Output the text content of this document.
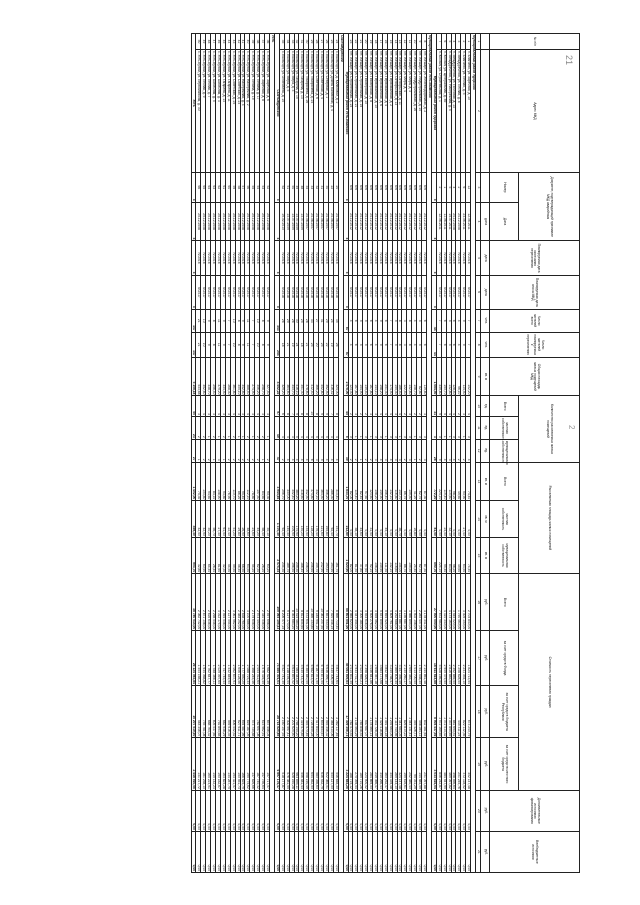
21
2
№ п/п	Адрес МКД	Документ, подтверждающий признание МКД аварийным		Планируемая дата окончания переселения	Планируемая дата сноса МКД	Число жителей всего	Число жителей планируемых к переселению	Общая площадь жилых помещений МКД	Количество расселяемых жилых помещений			Расселяемая площадь жилых помещений			Стоимость переселения граждан				Дополнительные источники финансирования	Внебюджетные источники
		Номер	Дата						Всего	частная собственность	муниципальная собственность	Всего	частная собственность	муниципальная собственность	Всего	за счет средств Фонда	за счет средств бюджета Республики	за счет средств местного бюджета		
			дата	дата	дата	чел.	чел.	кв. м	ед.	ед.	ед.	кв. м	кв. м	кв. м	руб.	руб.	руб.	руб.	руб.	руб.
1	2	3	4	5	6	7	8	9	10	11	12	13	14	15	16	17	18	19	20	21
Муниципальный район Удорский																				
1	п. Благоево, ул. Заречная, д. 10	12	12.06.2011	IV.2016	IV.2017	7	7	102,20	4	0	4	74,40	0,00	74,40	2 703 840,00	1 824 713,54	673 240,79	302 147,48	0,00	0,00
2	п. Благоево, ул. Лесная, д. 5	6	23.06.2011	IV.2016	IV.2017	9	9	114,50	3	1	2	90,90	27,40	63,50	3 305 100,00	2 231 054,10	822 112,36	372 118,52	0,00	0,00
3	п. Междуреченск, ул. Лесная, д. 8	2	24.12.2008	IV.2016	IV.2017	4	4	96,10	2	0	2	49,60	0,00	49,60	1 790 560,00	1 208 628,00	445 311,24	201 245,76	0,00	0,00
4	п. Междуреченск, ул. Почтовая, д. 13	4	24.12.2008	IV.2016	IV.2017	6	6	128,40	4	0	4	98,20	0,00	98,20	3 545 020,00	2 392 889,00	881 693,51	398 466,64	0,00	0,00
5	п. Междуреченск, ул. Набережная, д. 5	5	15.07.2011	IV.2016	IV.2017	5	5	132,80	4	1	3	115,60	32,10	83,50	4 173 160,00	2 816 883,00	1 037 895,69	469 097,82	0,00	0,00
6	п. Кослан, ул. Центральная, д. 89	1	11.06.2011	IV.2016	IV.2017	6	6	150,70	5	1	4	119,40	24,00	95,40	4 310 340,00	2 909 479,50	1 072 014,32	484 547,95	0,00	0,00
7	п. Кослан, ул. Строительная, д. 1	2	12.06.2011	IV.2016	IV.2017	7	7	339,80	9	0	9	224,10	0,00	224,10	7 672 980,00	5 528 166,54	1 972 169,65	806 242,87	0,00	0,00
Муниципальный район Удорский		х	х	х	х	44	44	1 064,50	31	3	28	772,20	81,50	690,70	27 500 000,00	18 611 814,68	6 904 437,56	3 033 816,04	0,00	0,00
Муниципальный район Усть-Вымский																				
8	пгт. Жешарт, ул. Железнодорожная, д. 2	6/н	24.12.2012	IV.2016	IV.2017	6	6	119,80	3	0	3	87,30	0,00	87,30	3 178 341,00	2 144 861,48	832 481,64	201 097,88	0,00	0,00
9	пгт. Жешарт, ул. Индустриальная, д. 10	6/н	24.12.2012	IV.2016	IV.2017	5	5	82,60	2	0	2	62,70	0,00	62,70	2 284 407,00	1 541 538,30	598 284,11	144 584,59	0,00	0,00
10	пгт. Жешарт, ул. Индустриальная, д. 16	6/н	24.12.2012	IV.2016	IV.2017	4	4	108,70	2	1	1	41,20	16,80	24,40	1 502 158,00	1 013 700,00	393 426,71	95 031,29	0,00	0,00
11	пгт. Жешарт, ул. Мира, д. 3	6/н	24.12.2012	IV.2016	IV.2017	8	8	132,60	3	0	3	109,50	0,00	109,50	3 986 895,00	2 690 383,19	1 044 131,41	252 380,40	0,00	0,00
12	пгт. Жешарт, ул. Мира, д. 4	6/н	24.12.2012	IV.2016	IV.2017	3	3	122,40	2	0	2	86,70	0,00	86,70	3 156 687,00	2 130 260,17	826 810,22	199 616,61	0,00	0,00
13	пгт. Жешарт, ул. Октябрьская, д. 11	6/н	24.12.2012	IV.2016	IV.2017	8	8	186,40	4	1	3	140,70	36,70	104,00	5 122 887,00	3 457 056,49	1 341 683,03	324 147,48	0,00	0,00
14	пгт. Жешарт, ул. Октябрьская, д. 13	6/н	24.12.2012	IV.2016	IV.2017	5	5	155,30	3	0	3	116,80	0,00	116,80	4 252 688,00	2 869 804,34	1 113 740,56	269 143,10	0,00	0,00
15	пгт. Жешарт, ул. Первомайская, д. 2	6/н	24.12.2012	IV.2016	IV.2017	7	7	174,50	4	0	4	132,10	0,00	132,10	4 809 761,00	3 245 758,47	1 259 663,05	304 339,48	0,00	0,00
16	пгт. Жешарт, ул. Первомайская, д. 4	6/н	24.12.2012	IV.2016	IV.2017	6	6	201,30	4	1	3	156,40	45,10	111,30	5 694 524,00	3 842 887,35	1 491 384,18	360 252,47	0,00	0,00
17	пгт. Жешарт, ул. Первомайская, д. 6	6/н	24.12.2012	IV.2016	IV.2017	9	9	198,20	4	0	4	149,90	0,00	149,90	5 457 859,00	3 683 173,68	1 429 418,89	345 266,43	0,00	0,00
18	пгт. Жешарт, ул. Первомайская, д. 10	6/н	24.12.2012	IV.2016	IV.2017	4	4	143,10	3	0	3	108,20	0,00	108,20	3 939 562,00	2 658 467,18	1 031 728,35	249 366,47	0,00	0,00
19	пгт. Жешарт, ул. Пионерская, д. 8	6/н	24.12.2012	IV.2016	IV.2017	6	6	167,80	3	1	2	123,60	31,50	92,10	4 500 276,00	3 036 841,86	1 178 565,14	284 869,00	0,00	0,00
20	пгт. Жешарт, ул. Пионерская, д. 10	6/н	24.12.2012	IV.2016	IV.2017	5	5	139,40	2	0	2	97,60	0,00	97,60	3 553 616,00	2 398 028,41	930 687,07	224 900,52	0,00	0,00
21	пгт. Жешарт, ул. Строительная, д. 19	6/н	24.12.2012	IV.2016	IV.2017	5	5	154,90	2	1	1	82,40	44,60	37,80	3 000 184,00	2 024 665,21	785 808,53	189 710,26	0,00	0,00
22	пгт. Жешарт, ул. Строительная, д. 21	6/н	24.12.2012	IV.2016	IV.2017	6	6	167,80	3	1	2	119,40	38,10	81,30	4 347 354,00	2 933 731,17	1 138 563,29	275 059,54	0,00	0,00
23	пгт. Жешарт, ул. Строительная, д. 23	6/н	24.12.2012	IV.2016	IV.2017	4	4	123,30	2	0	2	82,00	0,00	82,00	2 985 620,00	2 014 831,35	782 073,53	188 715,12	0,00	0,00
Муниципальный район Усть-Вымский		х	х	х	х	87	87	2 578,00	45	6	39	1 833,70	212,80	1 620,90	66 801 651,00	45 081 605,63	17 309 356,73	3 224 844,26	0,00	0,00
Сыктывдинский																				
24	с. Выльгорт, ул. Д. Каликовой, д. 2	20	24.08.2007	IV.2016	IV.2018	35	26	324,00	8	4	4	313,40	151,70	161,70	8 666 710,40	5 837 744,64	2 282 117,46	546 848,30	0,00	0,00
25	с. Выльгорт, ул. Домны Каликовой, д. 4	22	24.08.2007	IV.2016	IV.2018	24	19	316,42	7	3	4	286,30	92,40	193,90	7 920 346,15	5 335 306,09	2 084 913,06	500 127,00	0,00	0,00
26	с. Выльгорт, ул. Северная, д. 1	30	24.08.2007	IV.2016	IV.2018	29	22	392,50	9	5	4	356,20	165,80	190,40	9 851 530,50	6 636 099,17	2 593 346,32	622 085,01	0,00	0,00
27	с. Выльгорт, ул. Советская, д. 4	31	24.08.2007	IV.2016	IV.2018	31	25	402,80	9	4	5	364,50	121,60	242,90	10 081 207,50	6 790 871,04	2 653 803,67	636 532,79	0,00	0,00
28	с. Выльгорт, ул. Советская, д. 6	32	24.08.2007	IV.2016	IV.2018	27	20	366,20	8	5	3	332,10	176,40	155,70	9 184 951,10	6 187 071,50	2 417 843,00	580 036,60	0,00	0,00
29	с. Выльгорт, ул. Тимирязева, д. 24	33	24.08.2007	IV.2016	IV.2018	33	25	412,40	10	4	6	374,80	118,20	256,60	10 366 130,80	6 982 813,02	2 728 855,28	654 462,50	0,00	0,00
30	с. Выльгорт, ул. Тимирязева, д. 26	34	24.08.2007	IV.2016	IV.2018	28	21	378,60	8	4	4	342,50	134,50	208,00	9 472 601,00	6 380 840,05	2 493 570,46	598 190,49	0,00	0,00
31	с. Выльгорт, ул. Гагарина, д. 13	48	13.07.2009	IV.2016	IV.2018	25	18	351,30	8	4	4	318,60	130,20	188,40	8 811 804,60	5 935 743,32	2 319 579,85	556 481,43	0,00	0,00
32	с. Выльгорт, ул. Гагарина, д. 15	49	13.07.2009	IV.2016	IV.2018	30	24	416,10	9	5	4	380,20	170,90	209,30	10 515 483,20	7 083 443,89	2 768 144,20	663 895,11	0,00	0,00
33	с. Выльгорт, ул. Мира, д. 3	50	13.07.2009	IV.2016	IV.2018	26	19	340,70	7	3	4	302,40	105,90	196,50	8 363 683,20	5 633 897,02	2 201 625,90	528 160,28	0,00	0,00
34	с. Выльгорт, ул. Мира, д. 5	51	13.07.2009	IV.2016	IV.2018	29	21	364,60	8	4	4	330,00	140,30	189,70	9 127 173,00	6 148 194,04	2 402 597,41	576 381,55	0,00	0,00
35	с. Выльгорт, ул. Оплеснина, д. 15	52	19.02.2010	IV.2016	IV.2018	26	18	329,20	6	4	2	296,70	92,40	204,30	8 206 077,15	5 527 741,35	2 160 157,93	518 177,87	0,00	0,00
Сыктывдинский		х	х	х	х	343	254	4 452,22	97	49	47	3 944,64	1 370,30	2 574,34	109 093 105,43	73 484 301,01	28 714 625,85	6 897 176,47	0,00	0,00
Усть																				
36	с. Усть-Кулом, ул. Заречная, д. 6	52	25.12.2008	IV.2016	IV.2017	9	9	327,40	3	1	2	90,30	30,10	60,20	2 497 698,00	1 682 524,39	657 456,04	157 717,57	0,00	0,00
37	с. Усть-Кулом, ул. Заречная, д. 8	53	25.12.2008	IV.2016	IV.2017	8	8	298,70	3	2	1	84,60	58,40	26,20	2 340 036,00	1 576 316,45	615 962,91	147 756,64	0,00	0,00
38	с. Усть-Кулом, ул. Ленина, д. 17	54	25.12.2008	IV.2016	IV.2017	10	10	356,20	4	2	2	107,50	45,20	62,30	2 973 450,00	2 003 012,60	782 697,08	187 740,32	0,00	0,00
39	с. Усть-Кулом, ул. Ленина, д. 19	55	25.12.2008	IV.2016	IV.2017	7	7	274,90	3	1	2	78,80	24,60	54,20	2 179 608,00	1 468 245,46	573 735,88	137 626,66	0,00	0,00
40	с. Усть-Кулом, ул. Набережная, д. 2	56	25.12.2008	IV.2016	IV.2017	11	11	388,40	4	2	2	112,10	48,60	63,50	3 100 686,00	2 088 723,33	816 187,05	195 775,62	0,00	0,00
41	с. Усть-Кулом, ул. Набережная, д. 4	57	25.12.2008	IV.2016	IV.2017	9	9	342,60	3	1	2	95,40	26,90	68,50	2 638 764,00	1 777 550,25	694 587,96	166 625,79	0,00	0,00
42	с. Усть-Кулом, ул. Советская, д. 23	58	25.12.2008	IV.2016	IV.2017	8	8	305,10	3	1	2	86,20	29,80	56,40	2 384 292,00	1 606 128,56	627 611,71	150 551,73	0,00	0,00
43	с. Усть-Кулом, ул. Советская, д. 25	59	25.12.2008	IV.2016	IV.2017	10	10	361,80	4	2	2	110,70	51,20	59,50	3 061 962,00	2 062 637,91	806 002,52	193 321,57	0,00	0,00
44	с. Усть-Кулом, ул. Гагарина, д. 11	60	25.12.2008	IV.2016	IV.2017	7	7	268,30	3	1	2	76,90	22,40	54,50	2 127 054,00	1 432 849,90	559 916,35	134 287,75	0,00	0,00
45	с. Усть-Кулом, ул. Гагарина, д. 13	61	25.12.2008	IV.2016	IV.2017	9	9	334,50	3	2	1	93,80	61,50	32,30	2 594 508,00	1 747 745,43	682 938,29	163 824,28	0,00	0,00
46	с. Усть-Кулом, ул. Школьная, д. 3	62	25.12.2008	IV.2016	IV.2017	11	11	379,20	4	1	3	108,90	27,30	81,60	3 012 174,00	2 029 097,65	792 893,68	190 182,67	0,00	0,00
47	с. Усть-Кулом, ул. Школьная, д. 5	63	25.12.2008	IV.2016	IV.2017	8	8	296,40	3	2	1	83,10	56,70	26,40	2 298 546,00	1 548 366,11	605 037,66	145 142,23	0,00	0,00
48	с. Усть-Кулом, ул. Лесная, д. 7	64	25.12.2008	IV.2016	IV.2017	9	9	338,70	3	1	2	94,60	30,20	64,40	2 616 636,00	1 762 647,77	688 764,32	165 223,91	0,00	0,00
49	с. Усть-Кулом, ул. Лесная, д. 9	65	25.12.2008	IV.2016	IV.2017	10	10	352,60	4	2	2	103,80	42,90	60,90	2 871 108,00	1 934 068,82	755 781,08	181 258,10	0,00	0,00
50	с. Усть-Кулом, ул. Первомайская, д. 30	66	25.12.2008	IV.2016	IV.2017	21	21	533,68	3	2	1	75,30	42,50	32,80	2 082 732,00	1 403 168,21	548 346,07	131 217,72	0,00	0,00
Усть		х	х	х	х	147	147	5 158,18	50	23	27	1 402,00	498,30	903,70	38 780 514,00	26 124 083,84	10 207 519,60	2 448 910,56	0,00	0,00
